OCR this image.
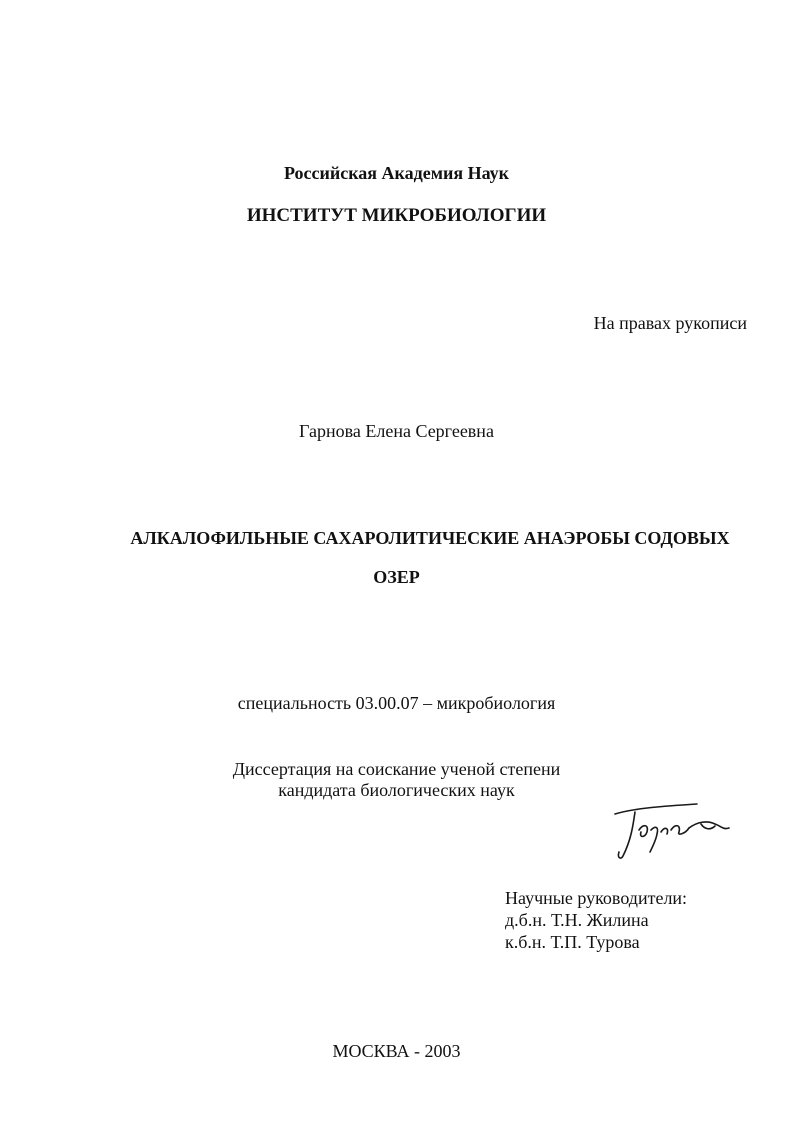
Российская Академия Наук
ИНСТИТУТ МИКРОБИОЛОГИИ
На правах рукописи
Гарнова Елена Сергеевна
АЛКАЛОФИЛЬНЫЕ САХАРОЛИТИЧЕСКИЕ АНАЭРОБЫ СОДОВЫХ
ОЗЕР
специальность 03.00.07 – микробиология
Диссертация на соискание ученой степени
кандидата биологических наук
Научные руководители:
д.б.н. Т.Н. Жилина
к.б.н. Т.П. Турова
МОСКВА - 2003
